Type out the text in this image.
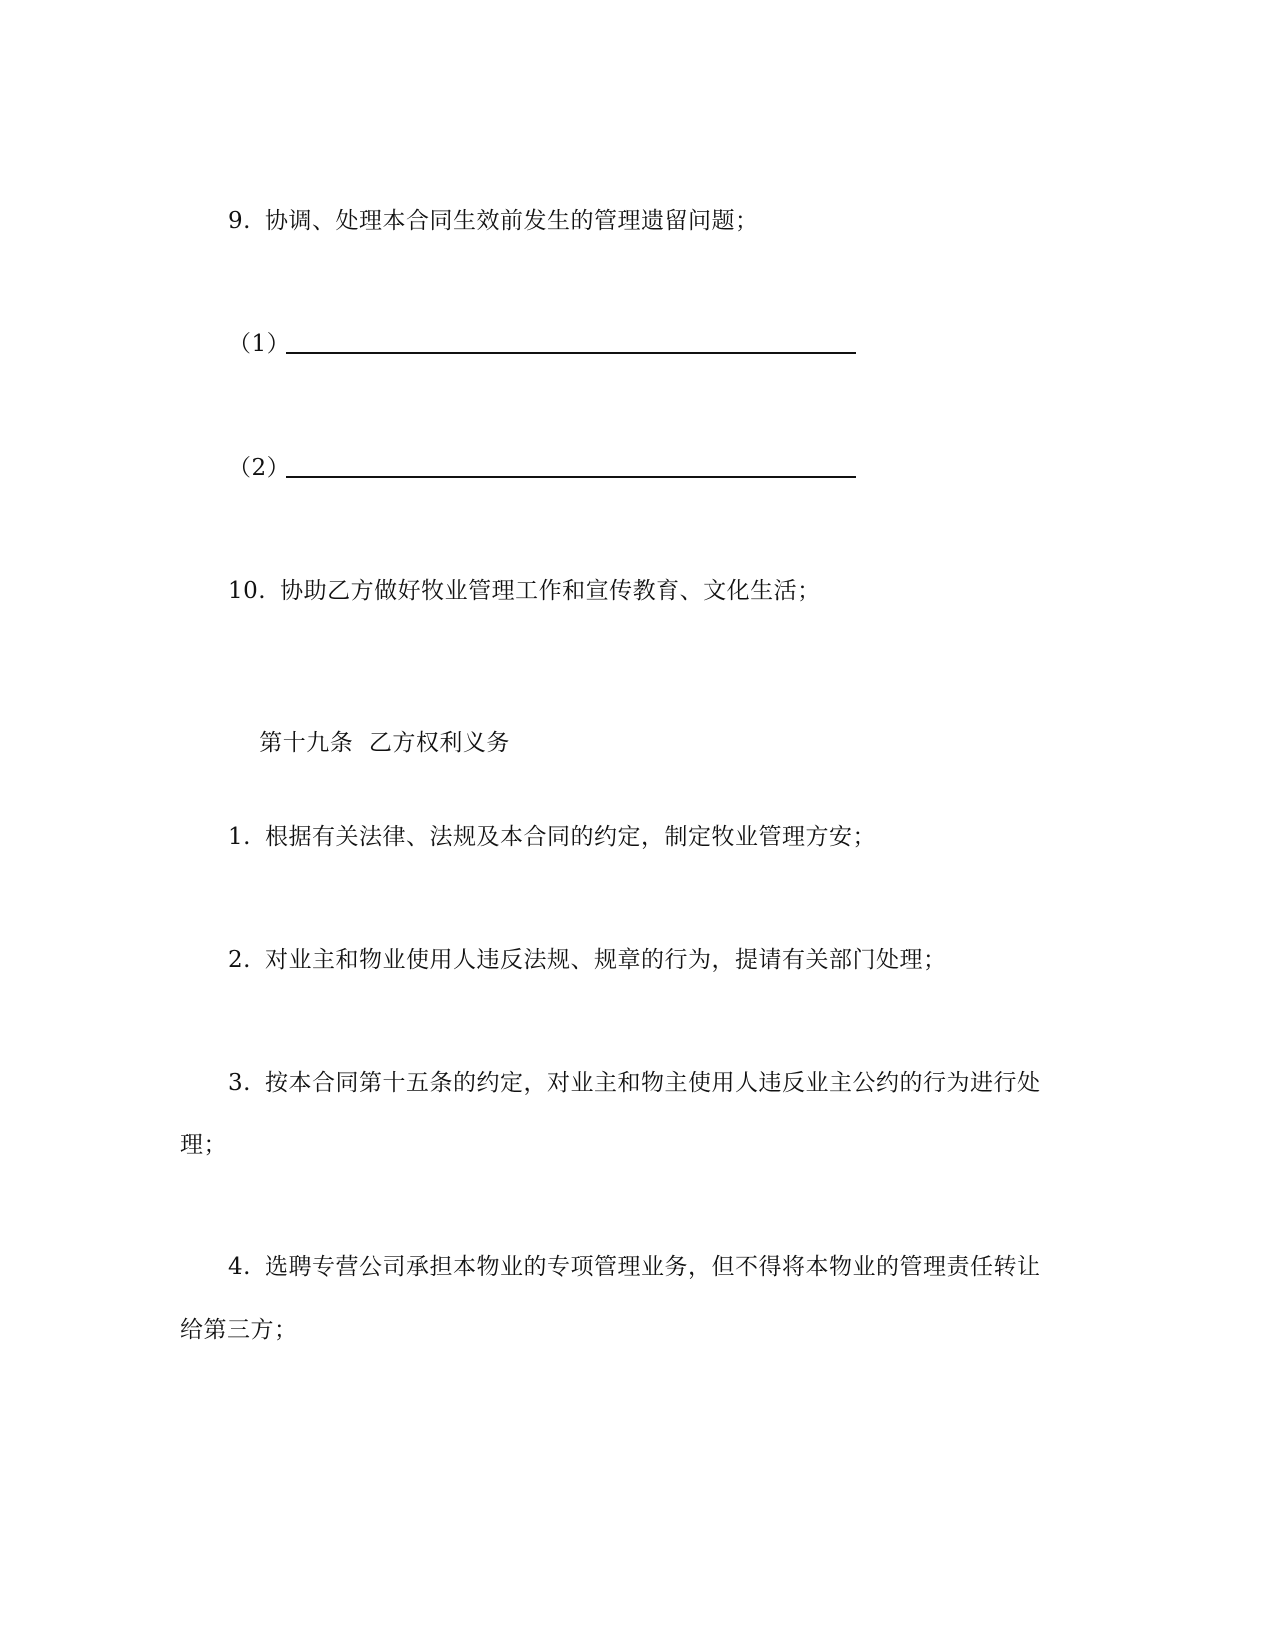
9. 协调、处理本合同生效前发生的管理遗留问题；
（1）
（2）
10. 协助乙方做好牧业管理工作和宣传教育、文化生活；

第十九条  乙方权利义务

1. 根据有关法律、法规及本合同的约定，制定牧业管理方安；
2. 对业主和物业使用人违反法规、规章的行为，提请有关部门处理；
3. 按本合同第十五条的约定，对业主和物主使用人违反业主公约的行为进行处
理；
4. 选聘专营公司承担本物业的专项管理业务，但不得将本物业的管理责任转让
给第三方；
